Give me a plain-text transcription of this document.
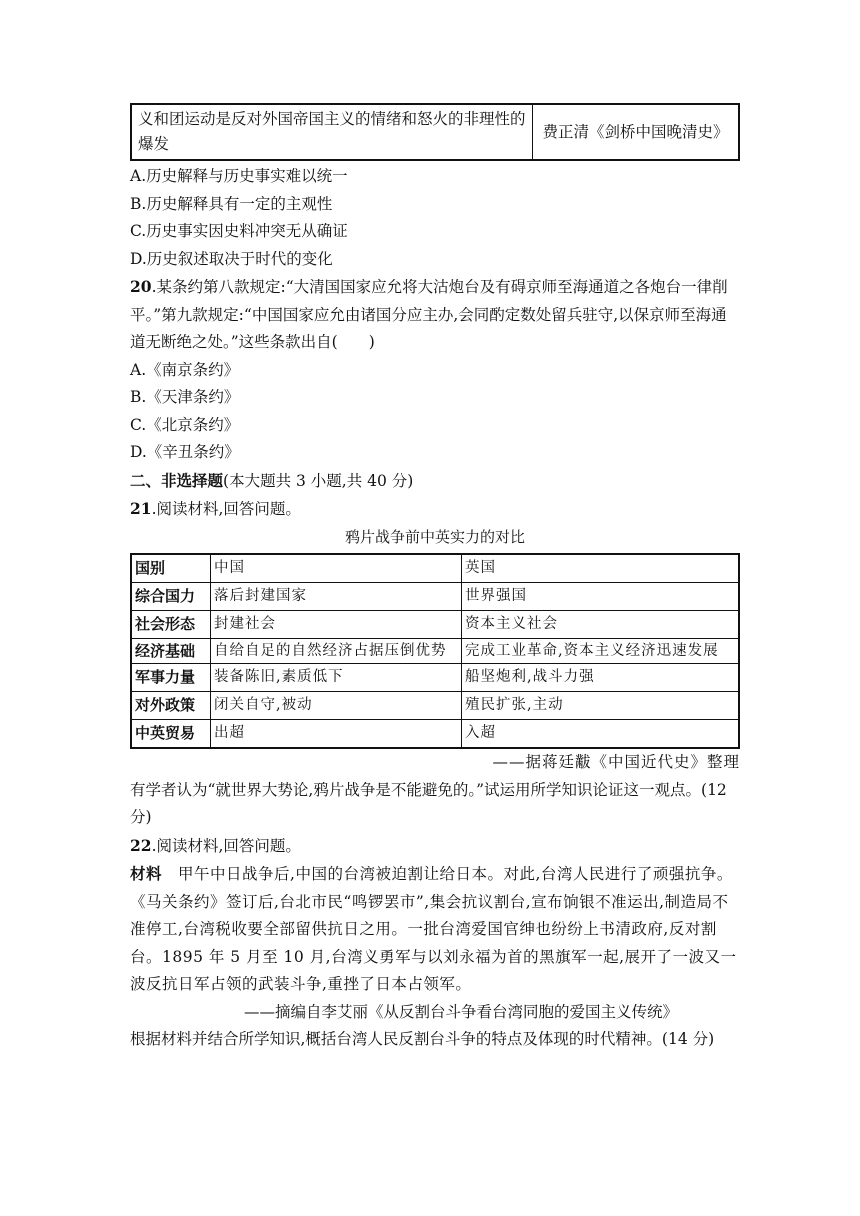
义和团运动是反对外国帝国主义的情绪和怒火的非理性的爆发	费正清《剑桥中国晚清史》

A.历史解释与历史事实难以统一

B.历史解释具有一定的主观性

C.历史事实因史料冲突无从确证

D.历史叙述取决于时代的变化

20.某条约第八款规定:“大清国国家应允将大沽炮台及有碍京师至海通道之各炮台一律削平。”第九款规定:“中国国家应允由诸国分应主办,会同酌定数处留兵驻守,以保京师至海通道无断绝之处。”这些条款出自(　　)

A.《南京条约》

B.《天津条约》

C.《北京条约》

D.《辛丑条约》

二、非选择题(本大题共 3 小题,共 40 分)

21.阅读材料,回答问题。

鸦片战争前中英实力的对比

国别	中国	英国
综合国力	落后封建国家	世界强国
社会形态	封建社会	资本主义社会
经济基础	自给自足的自然经济占据压倒优势	完成工业革命,资本主义经济迅速发展
军事力量	装备陈旧,素质低下	船坚炮利,战斗力强
对外政策	闭关自守,被动	殖民扩张,主动
中英贸易	出超	入超

——据蒋廷黻《中国近代史》整理

有学者认为“就世界大势论,鸦片战争是不能避免的。”试运用所学知识论证这一观点。(12 分)

22.阅读材料,回答问题。

材料　 甲午中日战争后,中国的台湾被迫割让给日本。对此,台湾人民进行了顽强抗争。《马关条约》签订后,台北市民“鸣锣罢市”,集会抗议割台,宣布饷银不准运出,制造局不准停工,台湾税收要全部留供抗日之用。一批台湾爱国官绅也纷纷上书清政府,反对割台。1895 年 5 月至 10 月,台湾义勇军与以刘永福为首的黑旗军一起,展开了一波又一波反抗日军占领的武装斗争,重挫了日本占领军。

——摘编自李艾丽《从反割台斗争看台湾同胞的爱国主义传统》

根据材料并结合所学知识,概括台湾人民反割台斗争的特点及体现的时代精神。(14 分)
